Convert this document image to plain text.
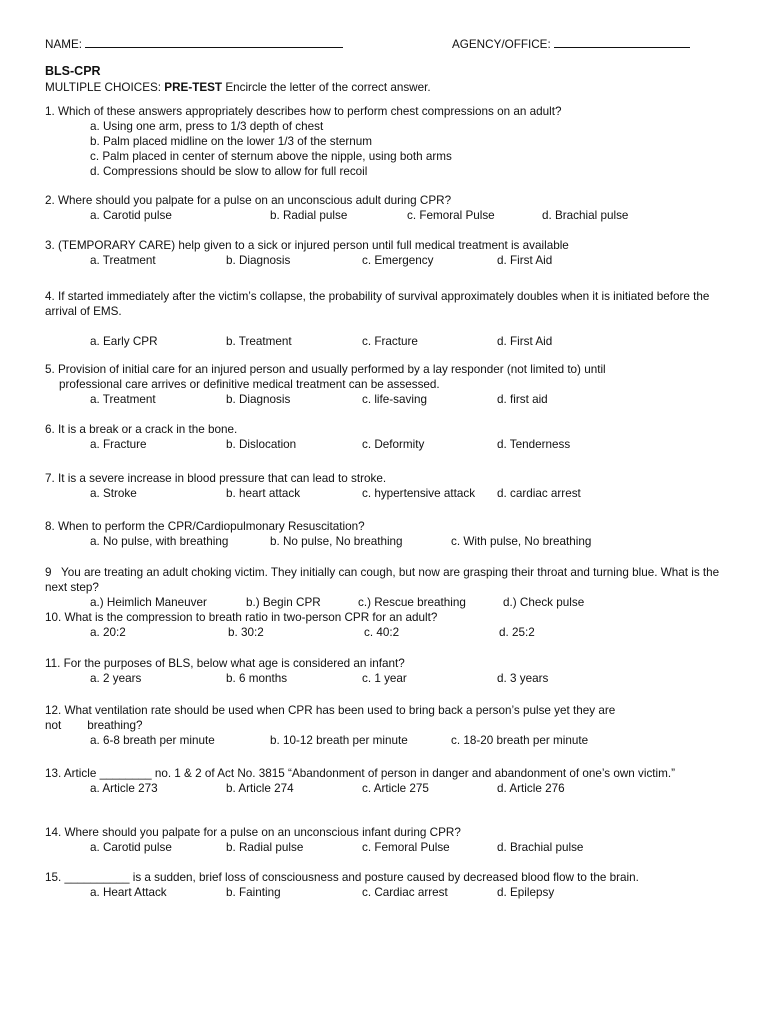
NAME:	AGENCY/OFFICE:
BLS-CPR
MULTIPLE CHOICES: PRE-TEST Encircle the letter of the correct answer.
1. Which of these answers appropriately describes how to perform chest compressions on an adult?
a. Using one arm, press to 1/3 depth of chest
b. Palm placed midline on the lower 1/3 of the sternum
c. Palm placed in center of sternum above the nipple, using both arms
d. Compressions should be slow to allow for full recoil
2. Where should you palpate for a pulse on an unconscious adult during CPR?
a. Carotid pulse	b. Radial pulse	c. Femoral Pulse	d. Brachial pulse
3. (TEMPORARY CARE) help given to a sick or injured person until full medical treatment is available
a. Treatment	b. Diagnosis	c. Emergency	d. First Aid
4. If started immediately after the victim’s collapse, the probability of survival approximately doubles when it is initiated before the arrival of EMS.
a. Early CPR	b. Treatment	c. Fracture	d. First Aid
5. Provision of initial care for an injured person and usually performed by a lay responder (not limited to) until
professional care arrives or definitive medical treatment can be assessed.
a. Treatment	b. Diagnosis	c. life-saving	d. first aid
6. It is a break or a crack in the bone.
a. Fracture	b. Dislocation	c. Deformity	d. Tenderness
7. It is a severe increase in blood pressure that can lead to stroke.
a. Stroke	b. heart attack	c. hypertensive attack d. cardiac arrest
8. When to perform the CPR/Cardiopulmonary Resuscitation?
a. No pulse, with breathing	b. No pulse, No breathing	c. With pulse, No breathing
9 You are treating an adult choking victim. They initially can cough, but now are grasping their throat and turning blue. What is the next step?
a.) Heimlich Maneuver	b.) Begin CPR	c.) Rescue breathing	d.) Check pulse
10. What is the compression to breath ratio in two-person CPR for an adult?
a. 20:2	b. 30:2	c. 40:2	d. 25:2
11. For the purposes of BLS, below what age is considered an infant?
a. 2 years	b. 6 months	c. 1 year	d. 3 years
12. What ventilation rate should be used when CPR has been used to bring back a person’s pulse yet they are
not breathing?
a. 6-8 breath per minute	b. 10-12 breath per minute	c. 18-20 breath per minute
13. Article ________ no. 1 & 2 of Act No. 3815 “Abandonment of person in danger and abandonment of one’s own victim.”
a. Article 273	b. Article 274	c. Article 275	d. Article 276
14. Where should you palpate for a pulse on an unconscious infant during CPR?
a. Carotid pulse	b. Radial pulse	c. Femoral Pulse	d. Brachial pulse
15. __________ is a sudden, brief loss of consciousness and posture caused by decreased blood flow to the brain.
a. Heart Attack	b. Fainting	c. Cardiac arrest	d. Epilepsy
